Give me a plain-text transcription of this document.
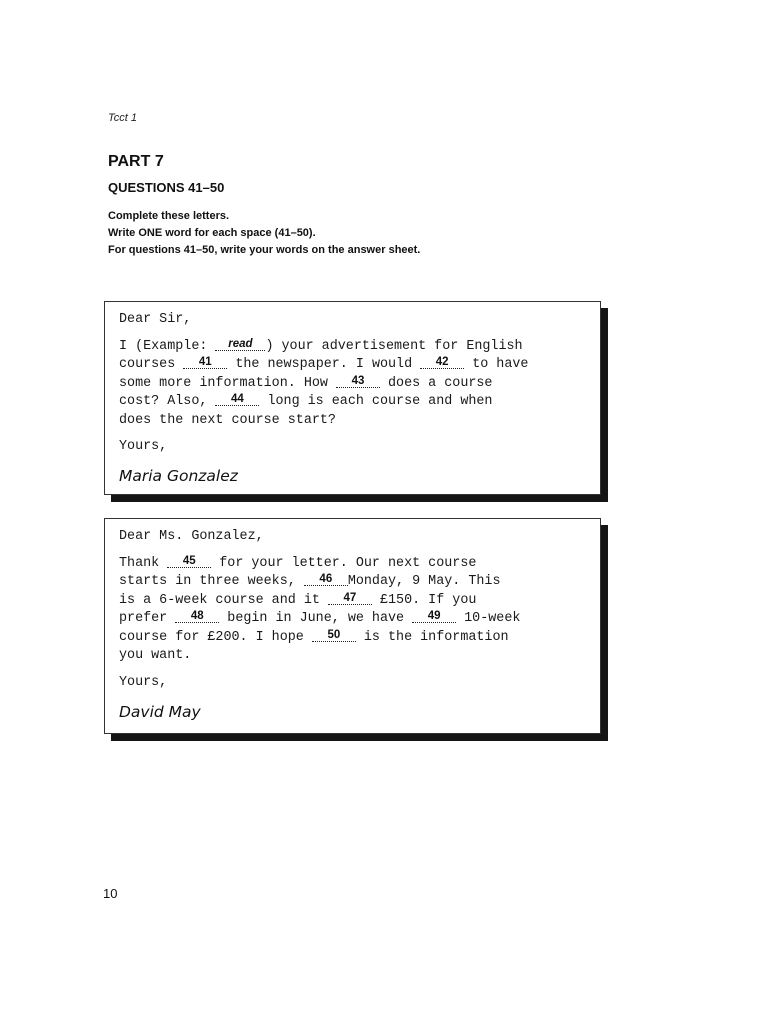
Tcct 1
PART 7
QUESTIONS 41–50
Complete these letters.
Write ONE word for each space (41–50).
For questions 41–50, write your words on the answer sheet.
Dear Sir,
I (Example: read ) your advertisement for English
courses 41 the newspaper. I would 42 to have
some more information. How 43 does a course
cost? Also, 44 long is each course and when
does the next course start?
Yours,
Maria Gonzalez
Dear Ms. Gonzalez,
Thank 45 for your letter. Our next course
starts in three weeks, 46 Monday, 9 May. This
is a 6-week course and it 47 £150. If you
prefer 48 begin in June, we have 49 10-week
course for £200. I hope 50 is the information
you want.
Yours,
David May
10
